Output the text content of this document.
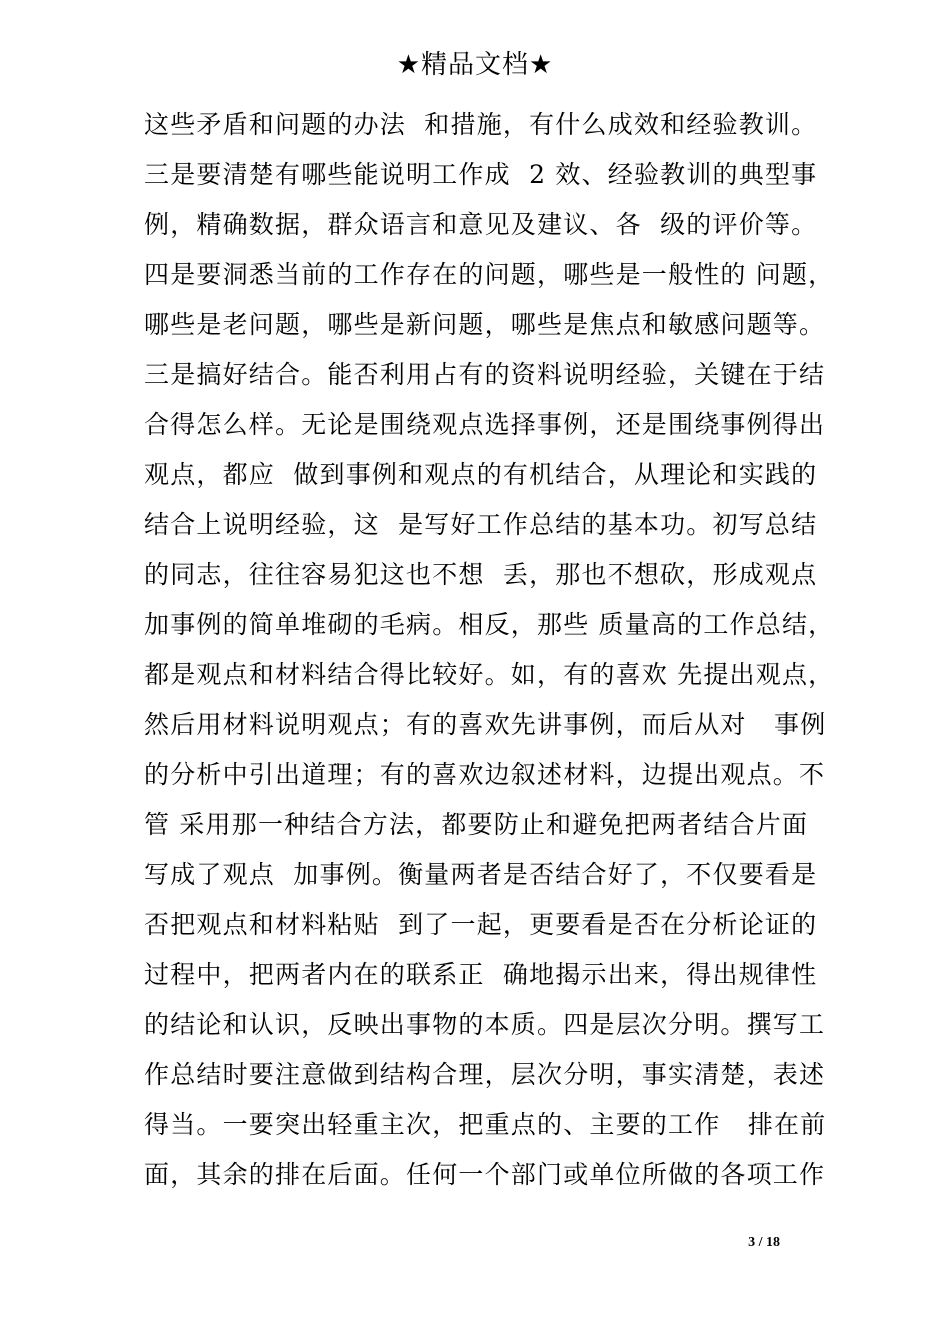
★精品文档★
这些矛盾和问题的办法  和措施，有什么成效和经验教训。
三是要清楚有哪些能说明工作成  2 效、经验教训的典型事
例，精确数据，群众语言和意见及建议、各  级的评价等。
四是要洞悉当前的工作存在的问题，哪些是一般性的 问题，
哪些是老问题，哪些是新问题，哪些是焦点和敏感问题等。
三是搞好结合。能否利用占有的资料说明经验，关键在于结
合得怎么样。无论是围绕观点选择事例，还是围绕事例得出
观点，都应  做到事例和观点的有机结合，从理论和实践的
结合上说明经验，这  是写好工作总结的基本功。初写总结
的同志，往往容易犯这也不想  丢，那也不想砍，形成观点
加事例的简单堆砌的毛病。相反，那些 质量高的工作总结，
都是观点和材料结合得比较好。如，有的喜欢 先提出观点，
然后用材料说明观点；有的喜欢先讲事例，而后从对   事例
的分析中引出道理；有的喜欢边叙述材料，边提出观点。不
管 采用那一种结合方法，都要防止和避免把两者结合片面
写成了观点  加事例。衡量两者是否结合好了，不仅要看是
否把观点和材料粘贴  到了一起，更要看是否在分析论证的
过程中，把两者内在的联系正  确地揭示出来，得出规律性
的结论和认识，反映出事物的本质。四是层次分明。撰写工
作总结时要注意做到结构合理，层次分明，事实清楚，表述
得当。一要突出轻重主次，把重点的、主要的工作   排在前
面，其余的排在后面。任何一个部门或单位所做的各项工作
3 / 18
